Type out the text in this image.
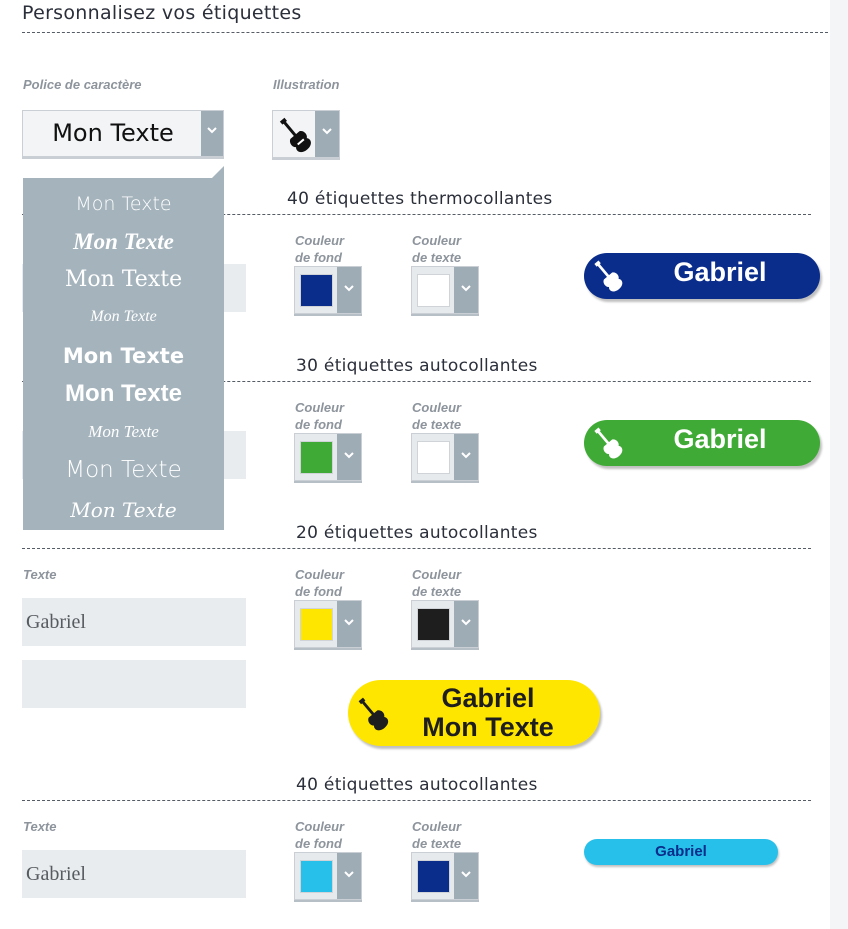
Personnalisez vos étiquettes
Police de caractère
Mon Texte
Illustration
40 étiquettes thermocollantes
Couleur
de fond
Couleur
de texte	Gabriel
30 étiquettes autocollantes
Couleur
de fond
Couleur
de texte	Gabriel
20 étiquettes autocollantes
Texte
Gabriel
Couleur
de fond
Couleur
de texte
Gabriel
Mon Texte
40 étiquettes autocollantes
Texte
Gabriel
Couleur
de fond
Couleur
de texte	Gabriel
Mon Texte
Mon Texte
Mon Texte
Mon Texte
Mon Texte
Mon Texte
Mon Texte
Mon Texte
Mon Texte
